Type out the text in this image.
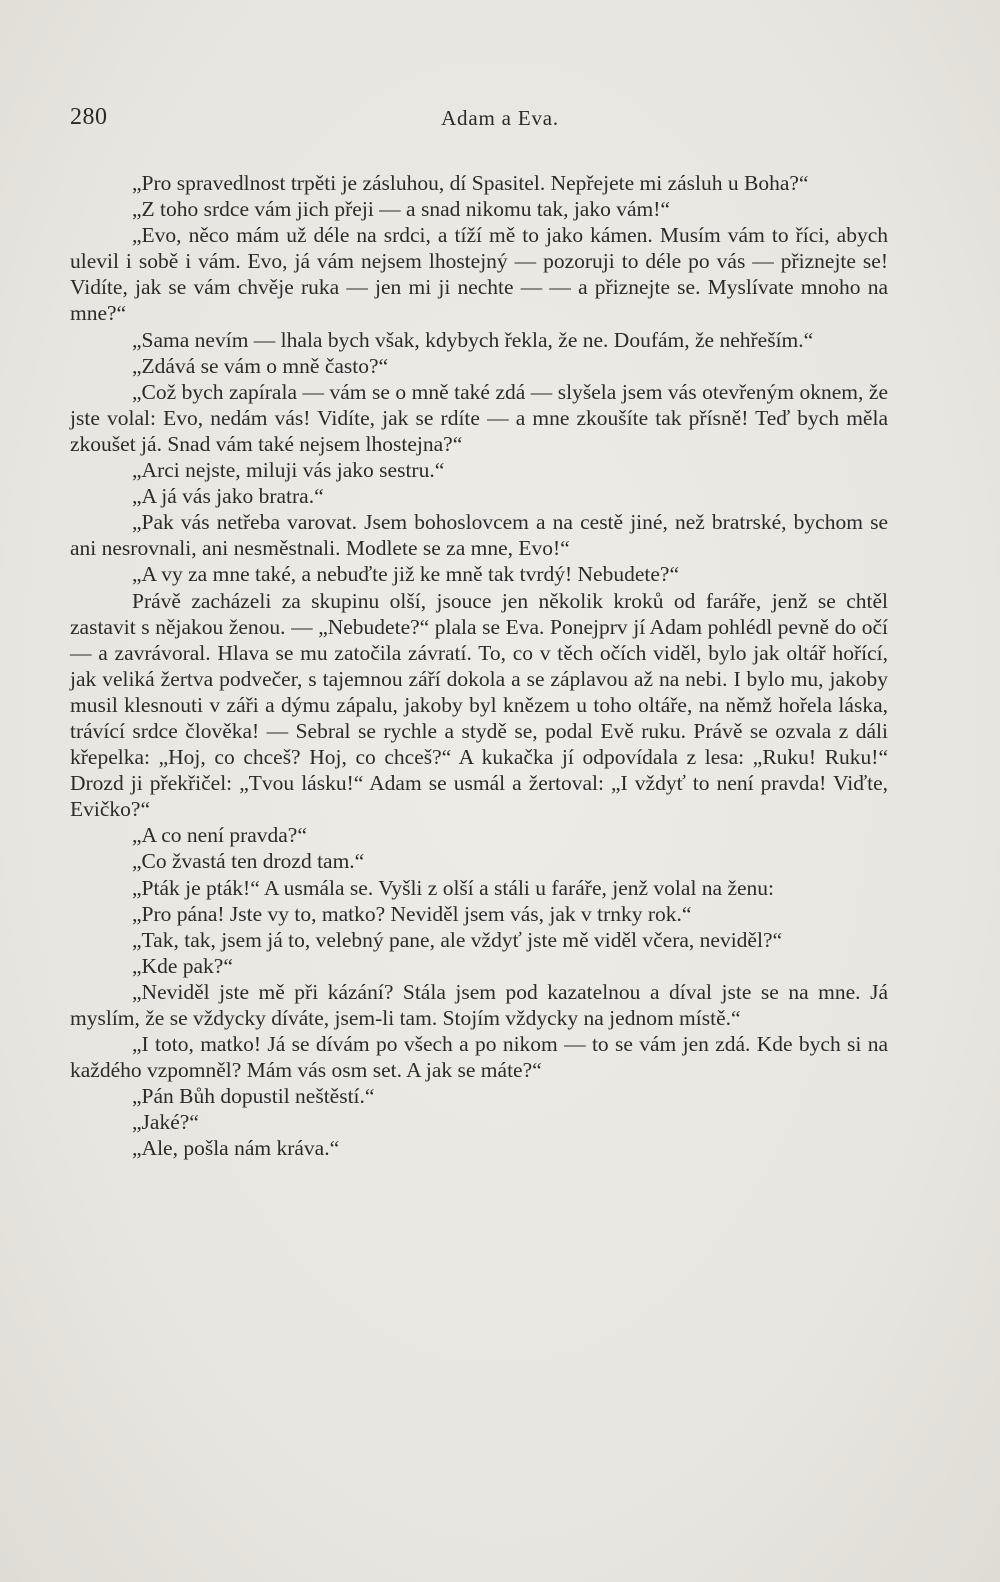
280	Adam a Eva.

„Pro spravedlnost trpěti je zásluhou, dí Spasitel. Nepřejete mi zásluh u Boha?“

„Z toho srdce vám jich přeji — a snad nikomu tak, jako vám!“

„Evo, něco mám už déle na srdci, a tíží mě to jako kámen. Musím vám to říci, abych ulevil i sobě i vám. Evo, já vám nejsem lhostejný — pozoruji to déle po vás — přiznejte se! Vidíte, jak se vám chvěje ruka — jen mi ji nechte — — a přiznejte se. Myslívate mnoho na mne?“

„Sama nevím — lhala bych však, kdybych řekla, že ne. Doufám, že nehřeším.“

„Zdává se vám o mně často?“

„Což bych zapírala — vám se o mně také zdá — slyšela jsem vás otevřeným oknem, že jste volal: Evo, nedám vás! Vidíte, jak se rdíte — a mne zkoušíte tak přísně! Teď bych měla zkoušet já. Snad vám také nejsem lhostejna?“

„Arci nejste, miluji vás jako sestru.“

„A já vás jako bratra.“

„Pak vás netřeba varovat. Jsem bohoslovcem a na cestě jiné, než bratrské, bychom se ani nesrovnali, ani nesměstnali. Modlete se za mne, Evo!“

„A vy za mne také, a nebuďte již ke mně tak tvrdý! Nebudete?“

Právě zacházeli za skupinu olší, jsouce jen několik kroků od faráře, jenž se chtěl zastavit s nějakou ženou. — „Nebudete?“ plala se Eva. Ponejprv jí Adam pohlédl pevně do očí — a zavrávoral. Hlava se mu zatočila závratí. To, co v těch očích viděl, bylo jak oltář hořící, jak veliká žertva podvečer, s tajemnou září dokola a se záplavou až na nebi. I bylo mu, jakoby musil klesnouti v záři a dýmu zápalu, jakoby byl knězem u toho oltáře, na němž hořela láska, trávící srdce člověka! — Sebral se rychle a stydě se, podal Evě ruku. Právě se ozvala z dáli křepelka: „Hoj, co chceš? Hoj, co chceš?“ A kukačka jí odpovídala z lesa: „Ruku! Ruku!“ Drozd ji překřičel: „Tvou lásku!“ Adam se usmál a žertoval: „I vždyť to není pravda! Viďte, Evičko?“

„A co není pravda?“

„Co žvastá ten drozd tam.“

„Pták je pták!“ A usmála se. Vyšli z olší a stáli u faráře, jenž volal na ženu:

„Pro pána! Jste vy to, matko? Neviděl jsem vás, jak v trnky rok.“

„Tak, tak, jsem já to, velebný pane, ale vždyť jste mě viděl včera, neviděl?“

„Kde pak?“

„Neviděl jste mě při kázání? Stála jsem pod kazatelnou a díval jste se na mne. Já myslím, že se vždycky díváte, jsem-li tam. Stojím vždycky na jednom místě.“

„I toto, matko! Já se dívám po všech a po nikom — to se vám jen zdá. Kde bych si na každého vzpomněl? Mám vás osm set. A jak se máte?“

„Pán Bůh dopustil neštěstí.“

„Jaké?“

„Ale, pošla nám kráva.“
